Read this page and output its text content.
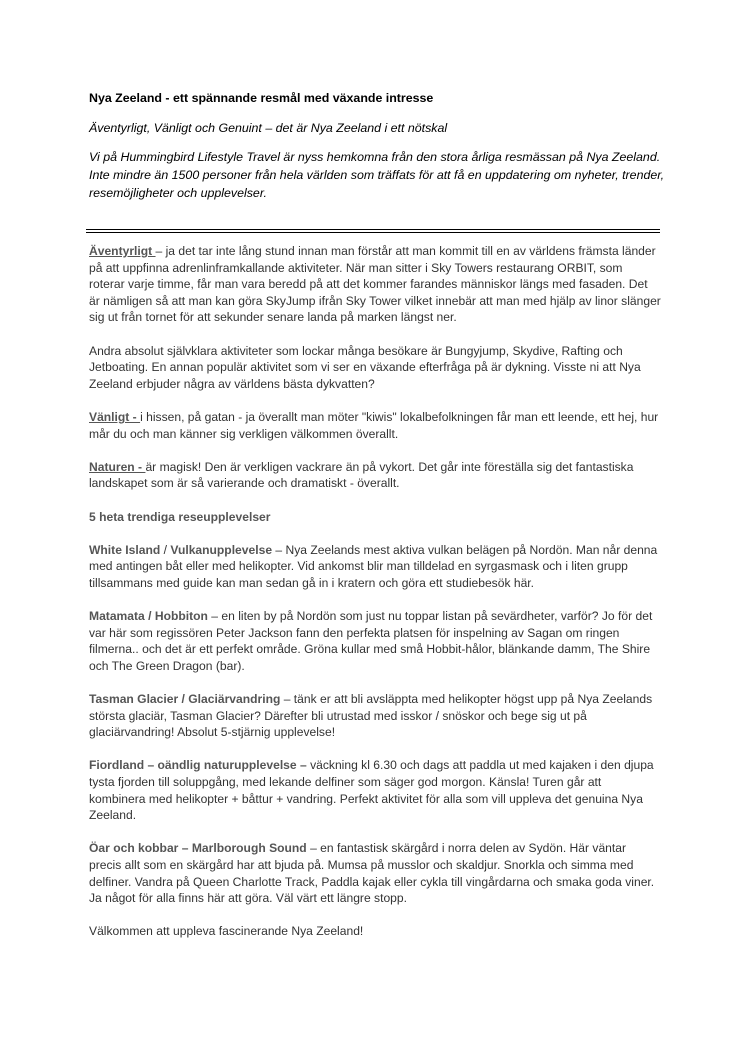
Nya Zeeland - ett spännande resmål med växande intresse
Äventyrligt, Vänligt och Genuint – det är Nya Zeeland i ett nötskal
Vi på Hummingbird Lifestyle Travel är nyss hemkomna från den stora årliga resmässan på Nya Zeeland. Inte mindre än 1500 personer från hela världen som träffats för att få en uppdatering om nyheter, trender, resemöjligheter och upplevelser.

Äventyrligt – ja det tar inte lång stund innan man förstår att man kommit till en av världens främsta länder på att uppfinna adrenlinframkallande aktiviteter. När man sitter i Sky Towers restaurang ORBIT, som roterar varje timme, får man vara beredd på att det kommer farandes människor längs med fasaden. Det är nämligen så att man kan göra SkyJump ifrån Sky Tower vilket innebär att man med hjälp av linor slänger sig ut från tornet för att sekunder senare landa på marken längst ner.

Andra absolut självklara aktiviteter som lockar många besökare är Bungyjump, Skydive, Rafting och Jetboating. En annan populär aktivitet som vi ser en växande efterfråga på är dykning. Visste ni att Nya Zeeland erbjuder några av världens bästa dykvatten?

Vänligt - i hissen, på gatan - ja överallt man möter "kiwis" lokalbefolkningen får man ett leende, ett hej, hur mår du och man känner sig verkligen välkommen överallt.

Naturen - är magisk! Den är verkligen vackrare än på vykort. Det går inte föreställa sig det fantastiska landskapet som är så varierande och dramatiskt - överallt.

5 heta trendiga reseupplevelser

White Island / Vulkanupplevelse – Nya Zeelands mest aktiva vulkan belägen på Nordön. Man når denna med antingen båt eller med helikopter. Vid ankomst blir man tilldelad en syrgasmask och i liten grupp tillsammans med guide kan man sedan gå in i kratern och göra ett studiebesök här.

Matamata / Hobbiton – en liten by på Nordön som just nu toppar listan på sevärdheter, varför? Jo för det var här som regissören Peter Jackson fann den perfekta platsen för inspelning av Sagan om ringen filmerna.. och det är ett perfekt område. Gröna kullar med små Hobbit-hålor, blänkande damm, The Shire och The Green Dragon (bar).

Tasman Glacier / Glaciärvandring – tänk er att bli avsläppta med helikopter högst upp på Nya Zeelands största glaciär, Tasman Glacier? Därefter bli utrustad med isskor / snöskor och bege sig ut på glaciärvandring! Absolut 5-stjärnig upplevelse!

Fiordland – oändlig naturupplevelse – väckning kl 6.30 och dags att paddla ut med kajaken i den djupa tysta fjorden till soluppgång, med lekande delfiner som säger god morgon. Känsla! Turen går att kombinera med helikopter + båttur + vandring. Perfekt aktivitet för alla som vill uppleva det genuina Nya Zeeland.

Öar och kobbar – Marlborough Sound – en fantastisk skärgård i norra delen av Sydön. Här väntar precis allt som en skärgård har att bjuda på. Mumsa på musslor och skaldjur. Snorkla och simma med delfiner. Vandra på Queen Charlotte Track, Paddla kajak eller cykla till vingårdarna och smaka goda viner. Ja något för alla finns här att göra. Väl värt ett längre stopp.

Välkommen att uppleva fascinerande Nya Zeeland!
